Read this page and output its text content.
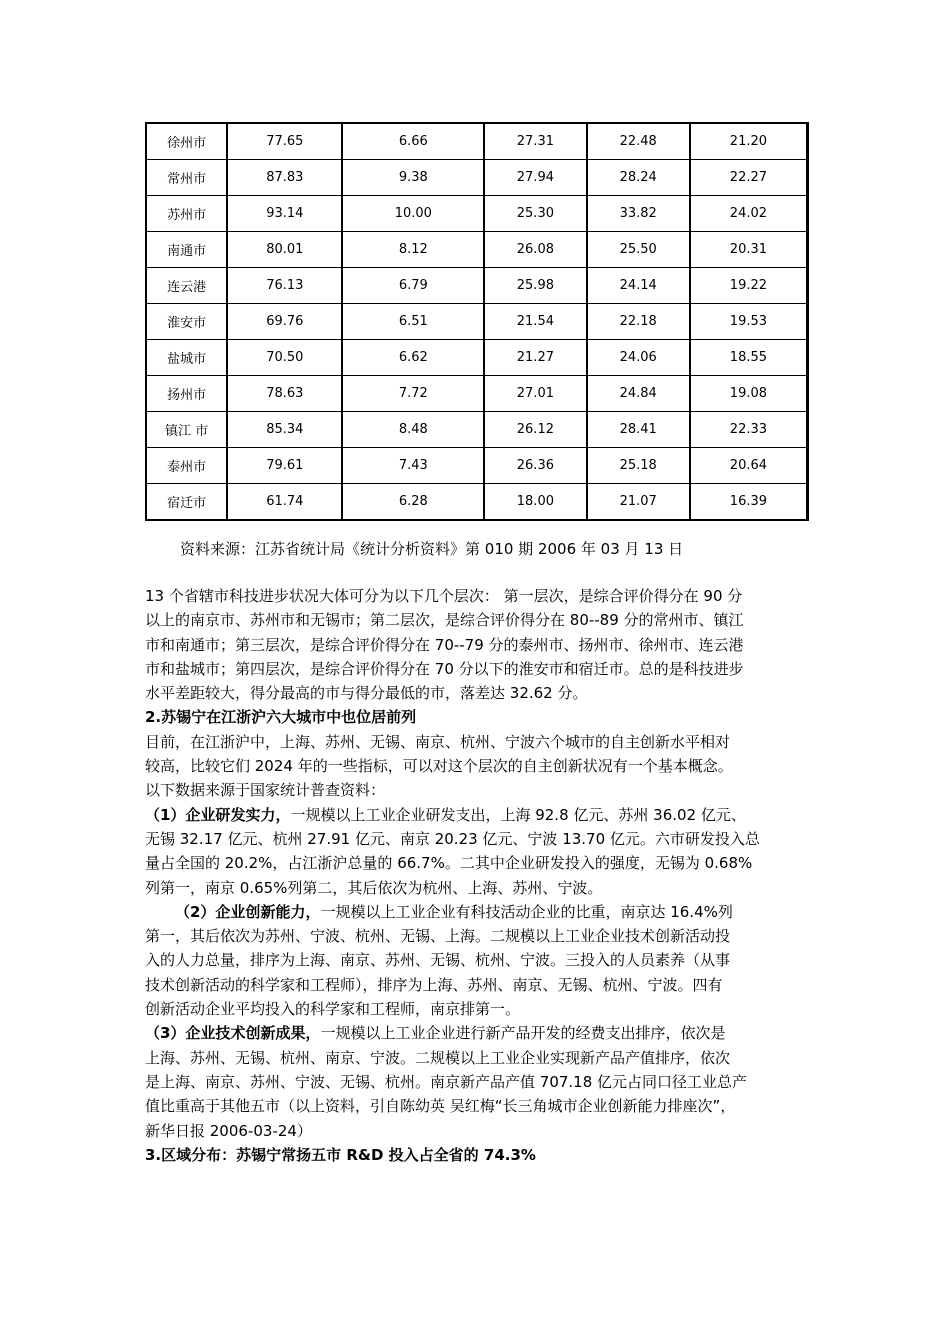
徐州市	77.65	6.66	27.31	22.48	21.20
常州市	87.83	9.38	27.94	28.24	22.27
苏州市	93.14	10.00	25.30	33.82	24.02
南通市	80.01	8.12	26.08	25.50	20.31
连云港	76.13	6.79	25.98	24.14	19.22
淮安市	69.76	6.51	21.54	22.18	19.53
盐城市	70.50	6.62	21.27	24.06	18.55
扬州市	78.63	7.72	27.01	24.84	19.08
镇江 市	85.34	8.48	26.12	28.41	22.33
泰州市	79.61	7.43	26.36	25.18	20.64
宿迁市	61.74	6.28	18.00	21.07	16.39
资料来源：江苏省统计局《统计分析资料》第 010 期 2006 年 03 月 13 日
13 个省辖市科技进步状况大体可分为以下几个层次： 第一层次，是综合评价得分在 90 分
以上的南京市、苏州市和无锡市；第二层次，是综合评价得分在 80--89 分的常州市、镇江
市和南通市；第三层次，是综合评价得分在 70--79 分的泰州市、扬州市、徐州市、连云港
市和盐城市；第四层次，是综合评价得分在 70 分以下的淮安市和宿迁市。总的是科技进步
水平差距较大，得分最高的市与得分最低的市，落差达 32.62 分。
2.苏锡宁在江浙沪六大城市中也位居前列
目前，在江浙沪中，上海、苏州、无锡、南京、杭州、宁波六个城市的自主创新水平相对
较高，比较它们 2024 年的一些指标，可以对这个层次的自主创新状况有一个基本概念。
以下数据来源于国家统计普查资料：
（1）企业研发实力，一规模以上工业企业研发支出，上海 92.8 亿元、苏州 36.02 亿元、
无锡 32.17 亿元、杭州 27.91 亿元、南京 20.23 亿元、宁波 13.70 亿元。六市研发投入总
量占全国的 20.2%，占江浙沪总量的 66.7%。二其中企业研发投入的强度，无锡为 0.68%
列第一，南京 0.65%列第二，其后依次为杭州、上海、苏州、宁波。
（2）企业创新能力，一规模以上工业企业有科技活动企业的比重，南京达 16.4%列
第一，其后依次为苏州、宁波、杭州、无锡、上海。二规模以上工业企业技术创新活动投
入的人力总量，排序为上海、南京、苏州、无锡、杭州、宁波。三投入的人员素养（从事
技术创新活动的科学家和工程师），排序为上海、苏州、南京、无锡、杭州、宁波。四有
创新活动企业平均投入的科学家和工程师，南京排第一。
（3）企业技术创新成果，一规模以上工业企业进行新产品开发的经费支出排序，依次是
上海、苏州、无锡、杭州、南京、宁波。二规模以上工业企业实现新产品产值排序，依次
是上海、南京、苏州、宁波、无锡、杭州。南京新产品产值 707.18 亿元占同口径工业总产
值比重高于其他五市（以上资料，引自陈幼英 吴红梅“长三角城市企业创新能力排座次”，
新华日报 2006-03-24）
3.区域分布：苏锡宁常扬五市 R&D 投入占全省的 74.3%
